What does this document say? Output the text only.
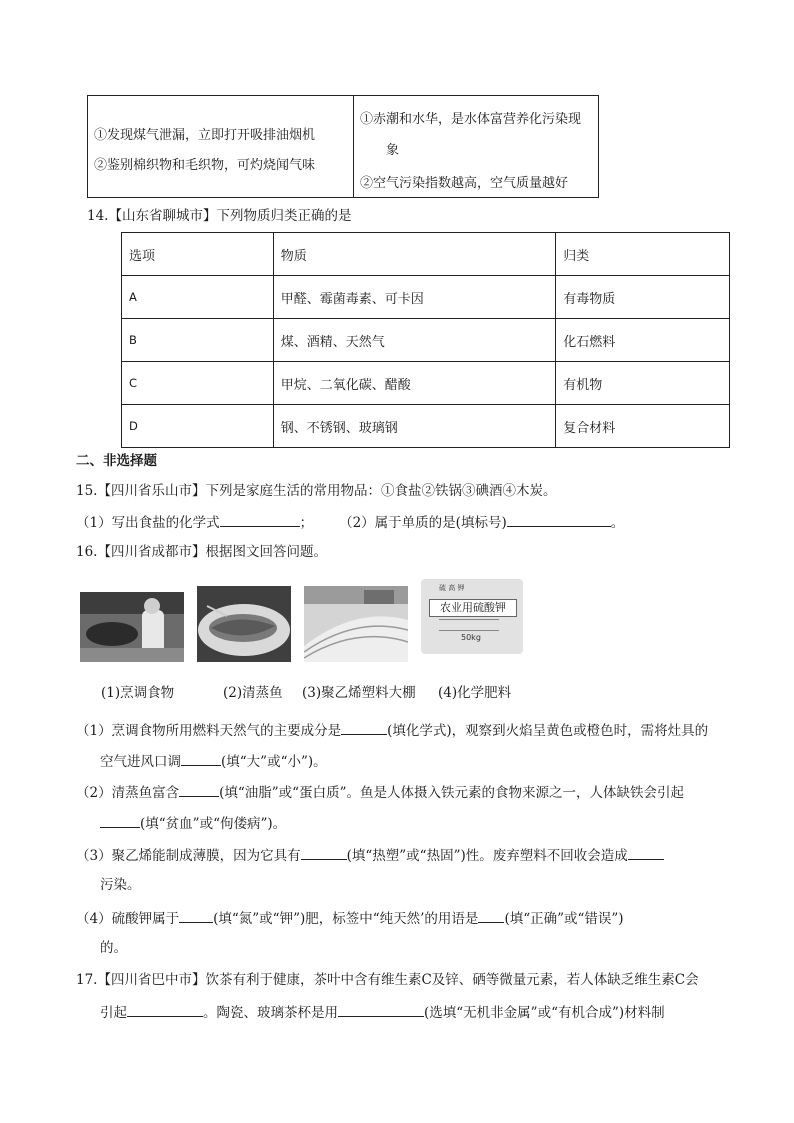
①发现煤气泄漏，立即打开吸排油烟机
②鉴别棉织物和毛织物，可灼烧闻气味
①赤潮和水华，是水体富营养化污染现
象
②空气污染指数越高，空气质量越好
14.【山东省聊城市】下列物质归类正确的是
选项	物质	归类
A	甲醛、霉菌毒素、可卡因	有毒物质
B	煤、酒精、天然气	化石燃料
C	甲烷、二氧化碳、醋酸	有机物
D	钢、不锈钢、玻璃钢	复合材料
二、非选择题
15.【四川省乐山市】下列是家庭生活的常用物品：①食盐②铁锅③碘酒④木炭。
（1）写出食盐的化学式	； （2）属于单质的是(填标号)	。
16.【四川省成都市】根据图文回答问题。
硫 高 钾
农业用硫酸钾
50kg
(1)烹调食物	(2)清蒸鱼 (3)聚乙烯塑料大棚 (4)化学肥料
（1）烹调食物所用燃料天然气的主要成分是	(填化学式)，观察到火焰呈黄色或橙色时，需将灶具的
空气进风口调	(填“大”或“小”)。
（2）清蒸鱼富含	(填“油脂”或“蛋白质”。鱼是人体摄入铁元素的食物来源之一，人体缺铁会引起
(填“贫血”或“佝偻病”)。
（3）聚乙烯能制成薄膜，因为它具有	(填“热塑”或“热固”)性。废弃塑料不回收会造成
污染。
（4）硫酸钾属于	(填“氮”或“钾”)肥，标签中“纯天然’的用语是 (填“正确”或“错误”)
的。
17.【四川省巴中市】饮茶有利于健康，茶叶中含有维生素C及锌、硒等微量元素，若人体缺乏维生素C会
引起	。陶瓷、玻璃茶杯是用	(选填“无机非金属”或“有机合成”)材料制
